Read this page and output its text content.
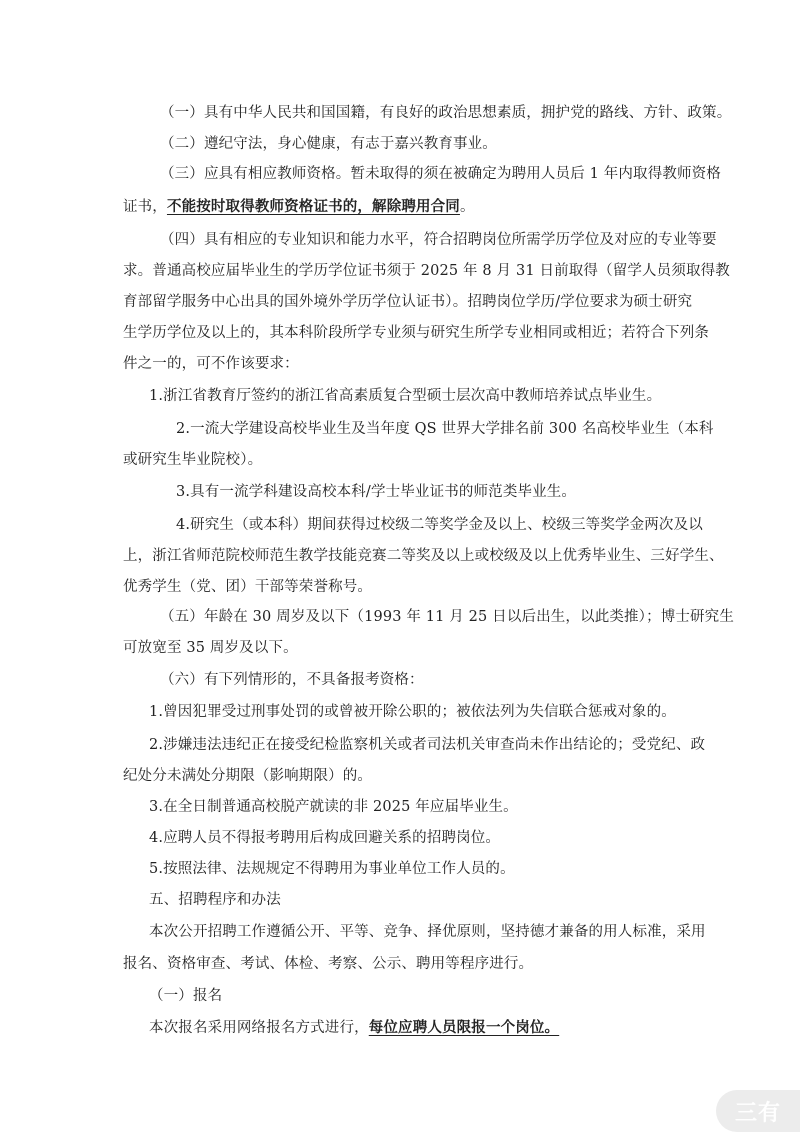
（一）具有中华人民共和国国籍，有良好的政治思想素质，拥护党的路线、方针、政策。
（二）遵纪守法，身心健康，有志于嘉兴教育事业。
（三）应具有相应教师资格。暂未取得的须在被确定为聘用人员后 1 年内取得教师资格
证书，不能按时取得教师资格证书的，解除聘用合同。
（四）具有相应的专业知识和能力水平，符合招聘岗位所需学历学位及对应的专业等要
求。普通高校应届毕业生的学历学位证书须于 2025 年 8 月 31 日前取得（留学人员须取得教
育部留学服务中心出具的国外境外学历学位认证书）。招聘岗位学历/学位要求为硕士研究
生学历学位及以上的，其本科阶段所学专业须与研究生所学专业相同或相近；若符合下列条
件之一的，可不作该要求：
1.浙江省教育厅签约的浙江省高素质复合型硕士层次高中教师培养试点毕业生。
2.一流大学建设高校毕业生及当年度 QS 世界大学排名前 300 名高校毕业生（本科
或研究生毕业院校）。
3.具有一流学科建设高校本科/学士毕业证书的师范类毕业生。
4.研究生（或本科）期间获得过校级二等奖学金及以上、校级三等奖学金两次及以
上，浙江省师范院校师范生教学技能竞赛二等奖及以上或校级及以上优秀毕业生、三好学生、
优秀学生（党、团）干部等荣誉称号。
（五）年龄在 30 周岁及以下（1993 年 11 月 25 日以后出生，以此类推）；博士研究生
可放宽至 35 周岁及以下。
（六）有下列情形的，不具备报考资格：
1.曾因犯罪受过刑事处罚的或曾被开除公职的；被依法列为失信联合惩戒对象的。
2.涉嫌违法违纪正在接受纪检监察机关或者司法机关审查尚未作出结论的；受党纪、政
纪处分未满处分期限（影响期限）的。
3.在全日制普通高校脱产就读的非 2025 年应届毕业生。
4.应聘人员不得报考聘用后构成回避关系的招聘岗位。
5.按照法律、法规规定不得聘用为事业单位工作人员的。
五、招聘程序和办法
本次公开招聘工作遵循公开、平等、竞争、择优原则，坚持德才兼备的用人标准，采用
报名、资格审查、考试、体检、考察、公示、聘用等程序进行。
（一）报名
本次报名采用网络报名方式进行，每位应聘人员限报一个岗位。
三有
